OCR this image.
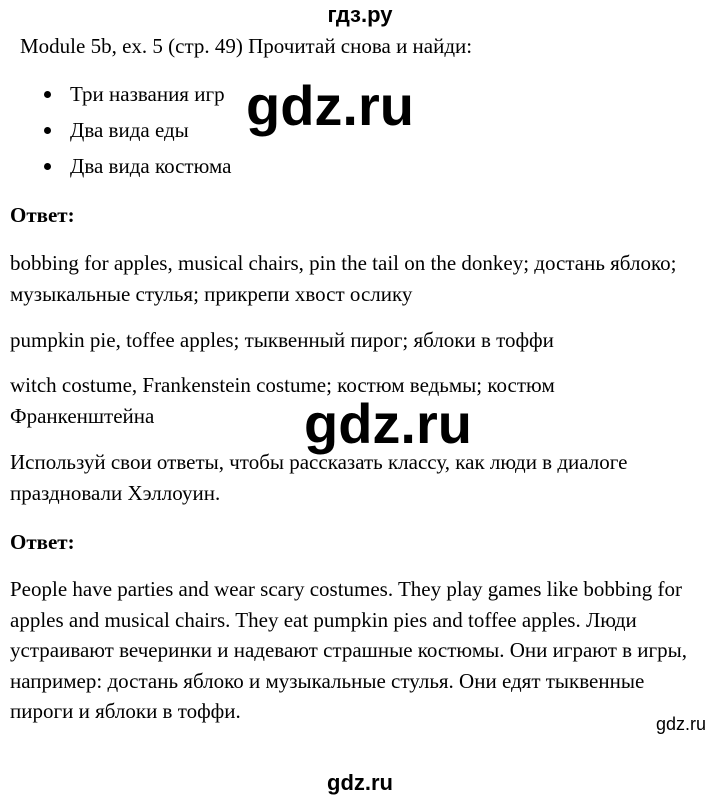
гдз.ру
Module 5b, ex. 5 (стр. 49) Прочитай снова и найди:
Три названия игр
Два вида еды
Два вида костюма
gdz.ru
Ответ:
bobbing for apples, musical chairs, pin the tail on the donkey; достань яблоко; музыкальные стулья; прикрепи хвост ослику
pumpkin pie, toffee apples; тыквенный пирог; яблоки в тоффи
witch costume, Frankenstein costume; костюм ведьмы; костюм Франкенштейна	gdz.ru
Используй свои ответы, чтобы рассказать классу, как люди в диалоге праздновали Хэллоуин.
Ответ:
People have parties and wear scary costumes. They play games like bobbing for apples and musical chairs. They eat pumpkin pies and toffee apples. Люди устраивают вечеринки и надевают страшные костюмы. Они играют в игры, например: достань яблоко и музыкальные стулья. Они едят тыквенные пироги и яблоки в тоффи.
gdz.ru
gdz.ru
